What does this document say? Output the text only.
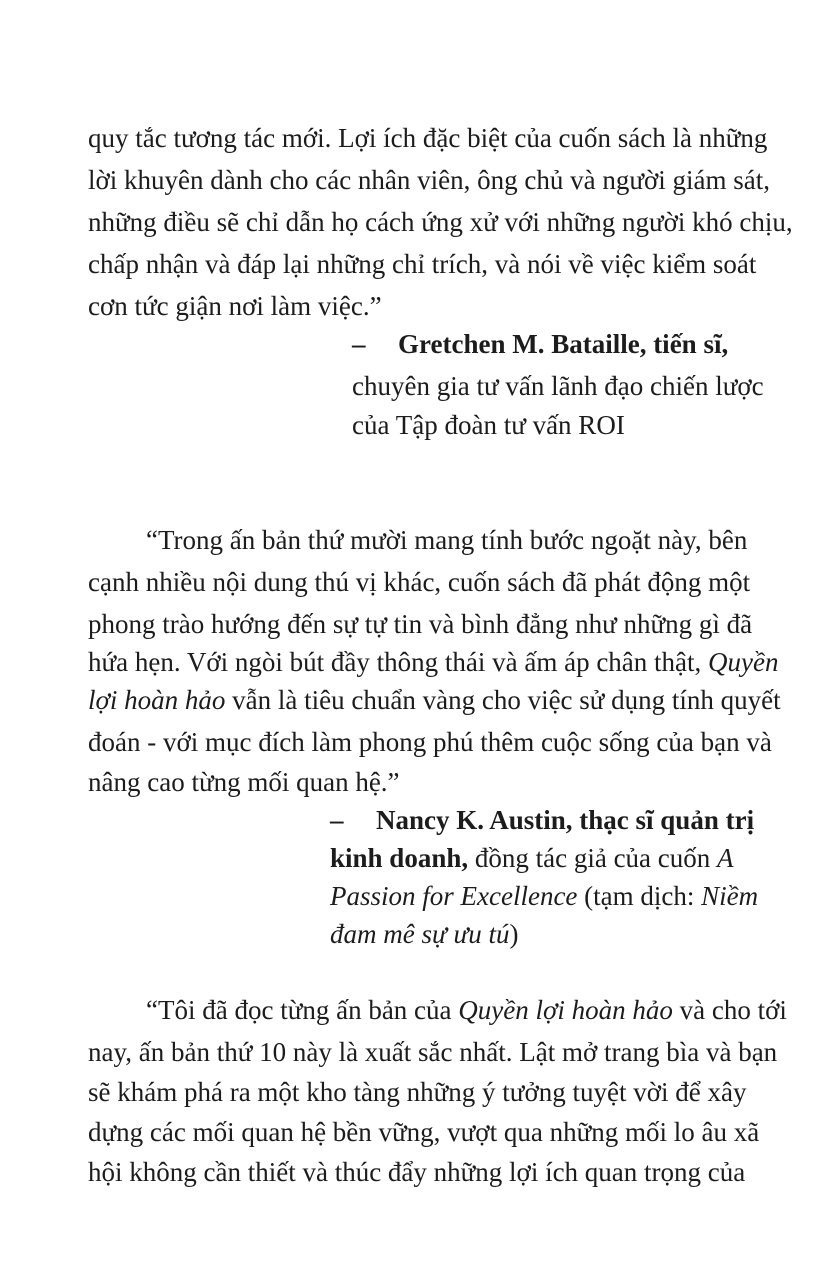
quy tắc tương tác mới. Lợi ích đặc biệt của cuốn sách là những
lời khuyên dành cho các nhân viên, ông chủ và người giám sát,
những điều sẽ chỉ dẫn họ cách ứng xử với những người khó chịu,
chấp nhận và đáp lại những chỉ trích, và nói về việc kiểm soát
cơn tức giận nơi làm việc.”
– Gretchen M. Bataille, tiến sĩ,
chuyên gia tư vấn lãnh đạo chiến lược
của Tập đoàn tư vấn ROI
“Trong ấn bản thứ mười mang tính bước ngoặt này, bên
cạnh nhiều nội dung thú vị khác, cuốn sách đã phát động một
phong trào hướng đến sự tự tin và bình đẳng như những gì đã
hứa hẹn. Với ngòi bút đầy thông thái và ấm áp chân thật, Quyền
lợi hoàn hảo vẫn là tiêu chuẩn vàng cho việc sử dụng tính quyết
đoán - với mục đích làm phong phú thêm cuộc sống của bạn và
nâng cao từng mối quan hệ.”
– Nancy K. Austin, thạc sĩ quản trị
kinh doanh, đồng tác giả của cuốn A
Passion for Excellence (tạm dịch: Niềm
đam mê sự ưu tú)
“Tôi đã đọc từng ấn bản của Quyền lợi hoàn hảo và cho tới
nay, ấn bản thứ 10 này là xuất sắc nhất. Lật mở trang bìa và bạn
sẽ khám phá ra một kho tàng những ý tưởng tuyệt vời để xây
dựng các mối quan hệ bền vững, vượt qua những mối lo âu xã
hội không cần thiết và thúc đẩy những lợi ích quan trọng của
